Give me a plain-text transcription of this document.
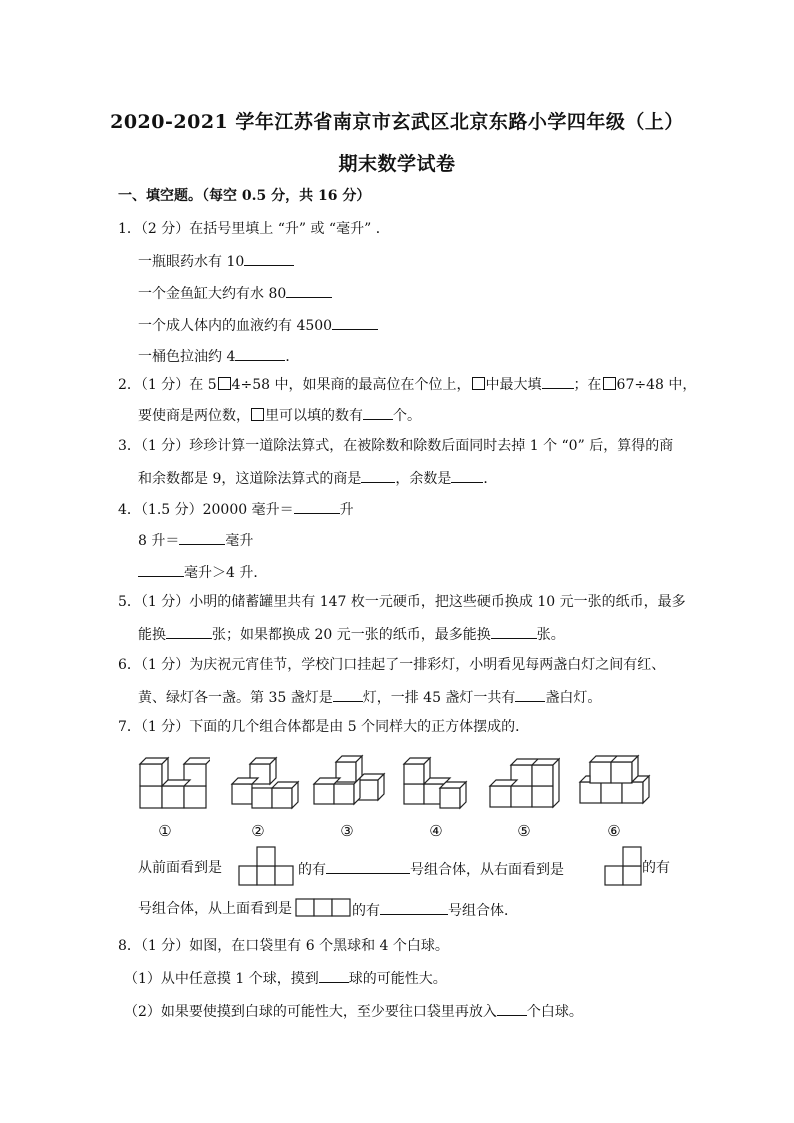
2020-2021 学年江苏省南京市玄武区北京东路小学四年级（上）
期末数学试卷
一、填空题。（每空 0.5 分，共 16 分）
1．（2 分）在括号里填上 “升” 或 “毫升” ．
一瓶眼药水有 10
一个金鱼缸大约有水 80
一个成人体内的血液约有 4500
一桶色拉油约 4	．
2．（1 分）在 5 4÷58 中，如果商的最高位在个位上， 中最大填 ；在 67÷48 中，
要使商是两位数， 里可以填的数有 个。
3．（1 分）珍珍计算一道除法算式，在被除数和除数后面同时去掉 1 个 “0” 后，算得的商
和余数都是 9，这道除法算式的商是 ，余数是 ．
4．（1.5 分）20000 毫升＝	升
8 升＝	毫升
毫升＞4 升．
5．（1 分）小明的储蓄罐里共有 147 枚一元硬币，把这些硬币换成 10 元一张的纸币，最多
能换	张；如果都换成 20 元一张的纸币，最多能换	张。
6．（1 分）为庆祝元宵佳节，学校门口挂起了一排彩灯，小明看见每两盏白灯之间有红、
黄、绿灯各一盏。第 35 盏灯是 灯，一排 45 盏灯一共有 盏白灯。
7．（1 分）下面的几个组合体都是由 5 个同样大的正方体摆成的．
①	②	③	④	⑤	⑥
从前面看到是	的有	号组合体，从右面看到是	的有
号组合体，从上面看到是	的有	号组合体．
8．（1 分）如图，在口袋里有 6 个黑球和 4 个白球。
（1）从中任意摸 1 个球，摸到 球的可能性大。
（2）如果要使摸到白球的可能性大，至少要往口袋里再放入 个白球。
